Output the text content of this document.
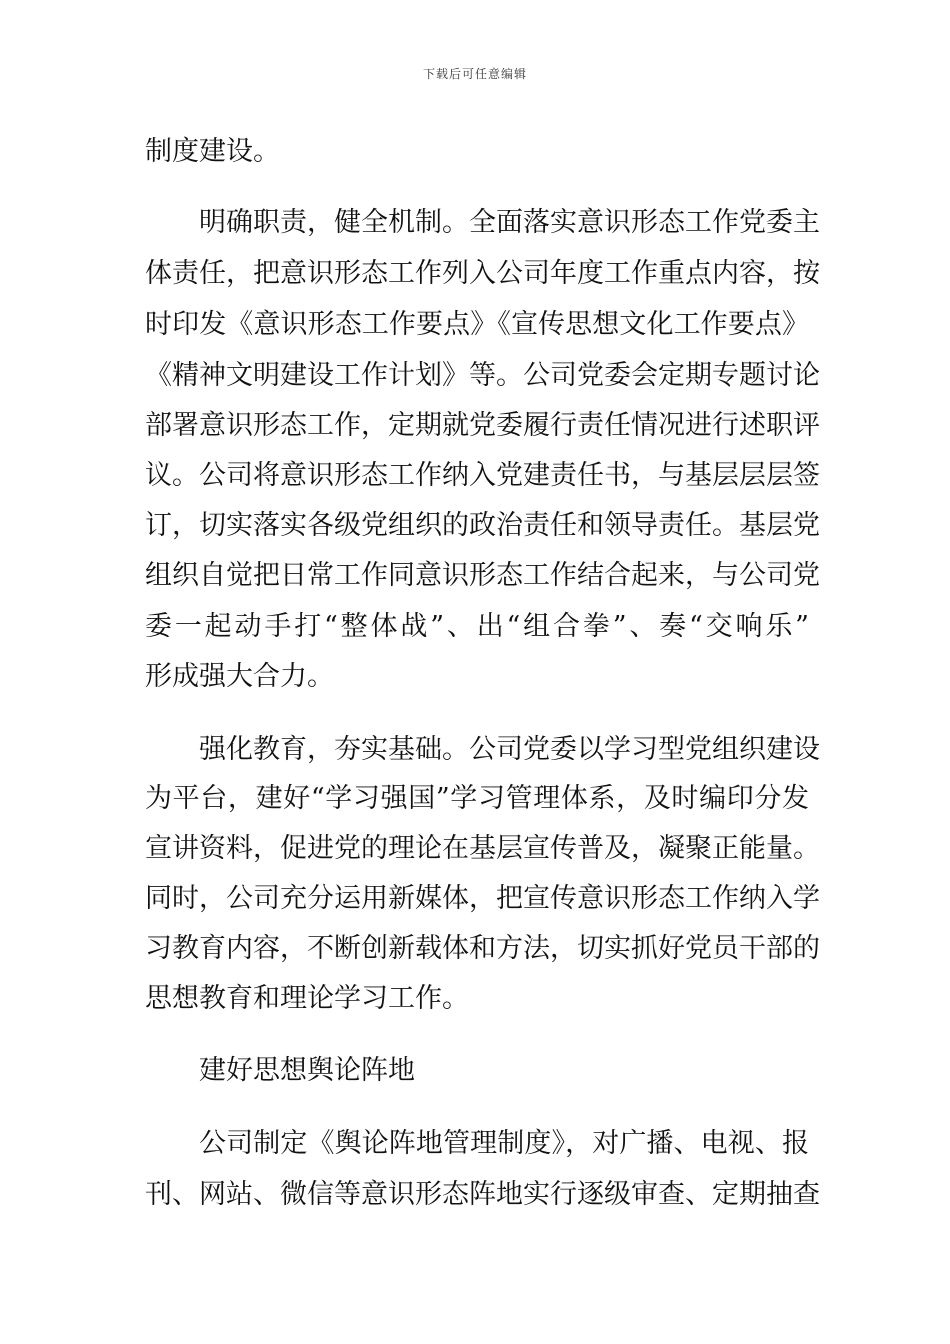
下载后可任意编辑
制度建设。
明确职责，健全机制。全面落实意识形态工作党委主
体责任，把意识形态工作列入公司年度工作重点内容，按
时印发《意识形态工作要点》《宣传思想文化工作要点》
《精神文明建设工作计划》等。公司党委会定期专题讨论
部署意识形态工作，定期就党委履行责任情况进行述职评
议。公司将意识形态工作纳入党建责任书，与基层层层签
订，切实落实各级党组织的政治责任和领导责任。基层党
组织自觉把日常工作同意识形态工作结合起来，与公司党
委一起动手打“整体战”、出“组合拳”、奏“交响乐”
形成强大合力。
强化教育，夯实基础。公司党委以学习型党组织建设
为平台，建好“学习强国”学习管理体系，及时编印分发
宣讲资料，促进党的理论在基层宣传普及，凝聚正能量。
同时，公司充分运用新媒体，把宣传意识形态工作纳入学
习教育内容，不断创新载体和方法，切实抓好党员干部的
思想教育和理论学习工作。
建好思想舆论阵地
公司制定《舆论阵地管理制度》，对广播、电视、报
刊、网站、微信等意识形态阵地实行逐级审查、定期抽查
